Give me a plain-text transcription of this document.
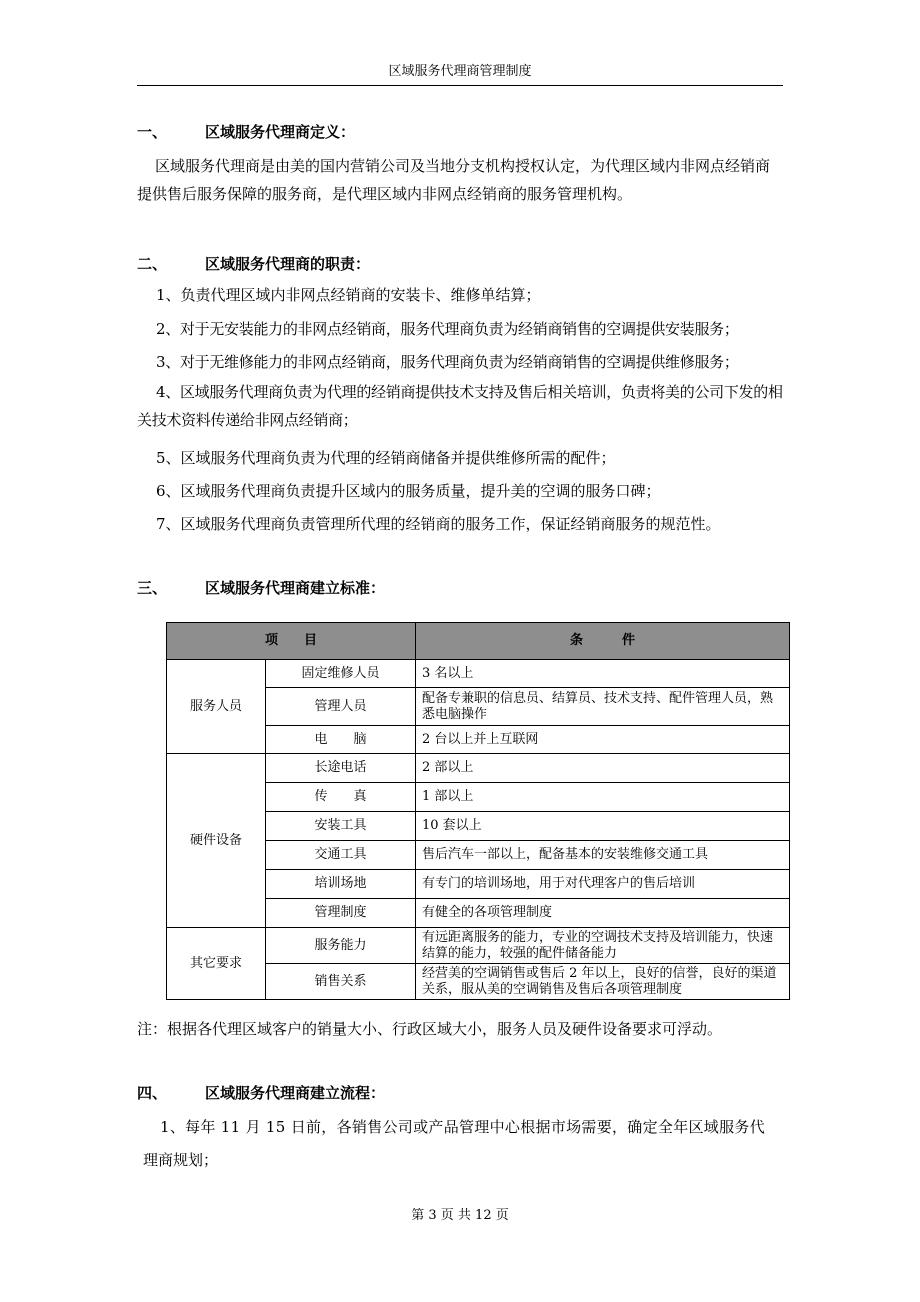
区域服务代理商管理制度
一、	区域服务代理商定义：
区域服务代理商是由美的国内营销公司及当地分支机构授权认定，为代理区域内非网点经销商提供售后服务保障的服务商，是代理区域内非网点经销商的服务管理机构。
二、	区域服务代理商的职责：
1、负责代理区域内非网点经销商的安装卡、维修单结算；
2、对于无安装能力的非网点经销商，服务代理商负责为经销商销售的空调提供安装服务；
3、对于无维修能力的非网点经销商，服务代理商负责为经销商销售的空调提供维修服务；
4、区域服务代理商负责为代理的经销商提供技术支持及售后相关培训，负责将美的公司下发的相关技术资料传递给非网点经销商；
5、区域服务代理商负责为代理的经销商储备并提供维修所需的配件；
6、区域服务代理商负责提升区域内的服务质量，提升美的空调的服务口碑；
7、区域服务代理商负责管理所代理的经销商的服务工作，保证经销商服务的规范性。
三、	区域服务代理商建立标准：
项　　目		条　　　件
服务人员	固定维修人员	3 名以上
	管理人员	配备专兼职的信息员、结算员、技术支持、配件管理人员，熟悉电脑操作
	电　　脑	2 台以上并上互联网
硬件设备	长途电话	2 部以上
	传　　真	1 部以上
	安装工具	10 套以上
	交通工具	售后汽车一部以上，配备基本的安装维修交通工具
	培训场地	有专门的培训场地，用于对代理客户的售后培训
	管理制度	有健全的各项管理制度
其它要求	服务能力	有远距离服务的能力，专业的空调技术支持及培训能力，快速结算的能力，较强的配件储备能力
	销售关系	经营美的空调销售或售后 2 年以上，良好的信誉，良好的渠道关系，服从美的空调销售及售后各项管理制度
注：根据各代理区域客户的销量大小、行政区域大小，服务人员及硬件设备要求可浮动。
四、	区域服务代理商建立流程：
1、每年 11 月 15 日前，各销售公司或产品管理中心根据市场需要，确定全年区域服务代
理商规划；
第 3 页 共 12 页
